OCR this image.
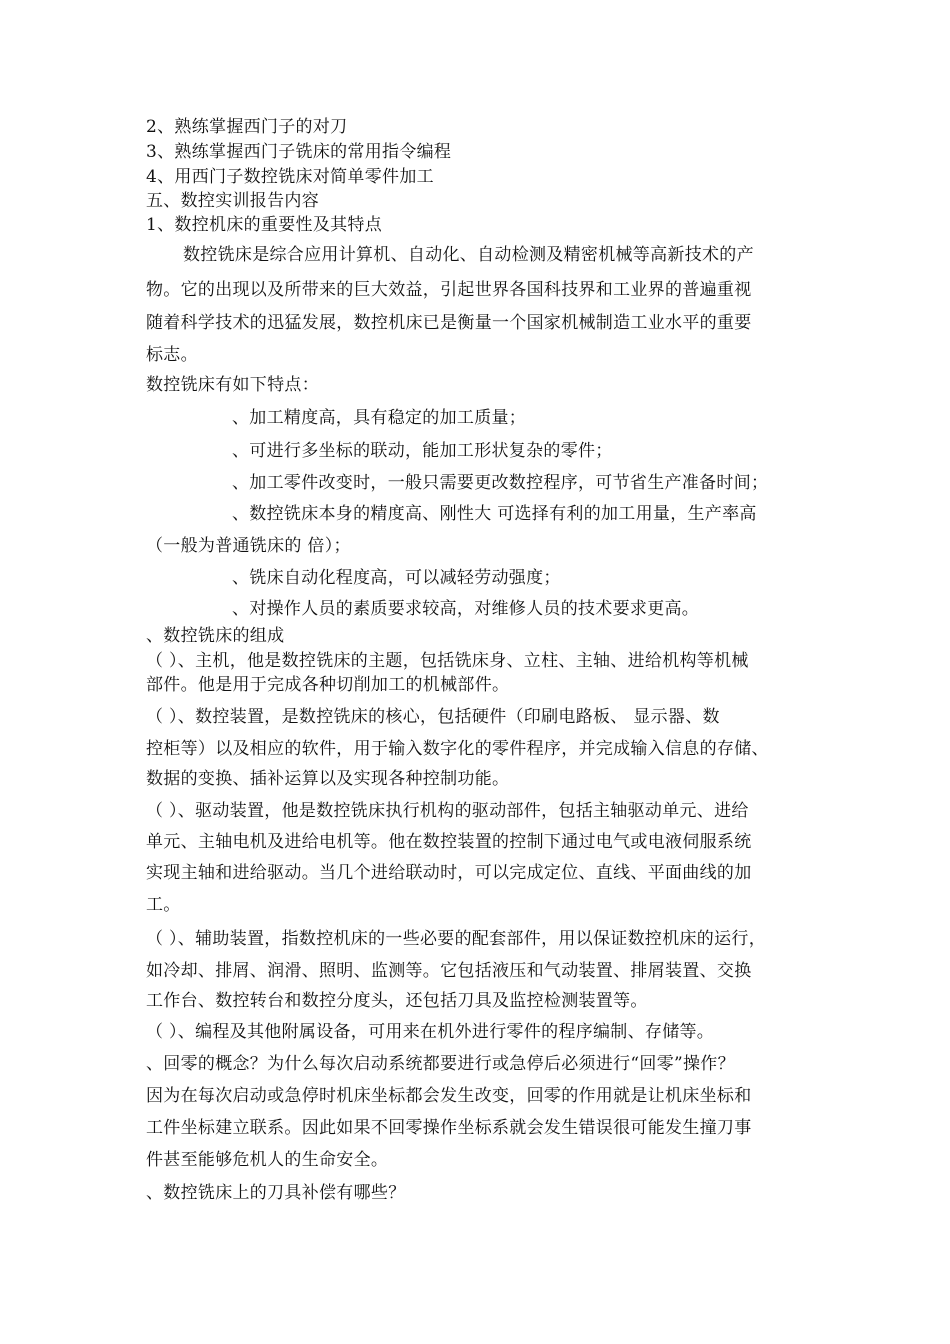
2、熟练掌握西门子的对刀
3、熟练掌握西门子铣床的常用指令编程
4、用西门子数控铣床对简单零件加工
五、数控实训报告内容
1、数控机床的重要性及其特点
数控铣床是综合应用计算机、自动化、自动检测及精密机械等高新技术的产
物。它的出现以及所带来的巨大效益，引起世界各国科技界和工业界的普遍重视
随着科学技术的迅猛发展，数控机床已是衡量一个国家机械制造工业水平的重要
标志。
数控铣床有如下特点：
、加工精度高，具有稳定的加工质量；
、可进行多坐标的联动，能加工形状复杂的零件；
、加工零件改变时，一般只需要更改数控程序，可节省生产准备时间；
、数控铣床本身的精度高、刚性大 可选择有利的加工用量，生产率高
（一般为普通铣床的 倍）；
、铣床自动化程度高，可以减轻劳动强度；
、对操作人员的素质要求较高，对维修人员的技术要求更高。
、数控铣床的组成
（ ）、主机，他是数控铣床的主题，包括铣床身、立柱、主轴、进给机构等机械
部件。他是用于完成各种切削加工的机械部件。
（ ）、数控装置，是数控铣床的核心，包括硬件（印刷电路板、 显示器、数
控柜等）以及相应的软件，用于输入数字化的零件程序，并完成输入信息的存储、
数据的变换、插补运算以及实现各种控制功能。
（ ）、驱动装置，他是数控铣床执行机构的驱动部件，包括主轴驱动单元、进给
单元、主轴电机及进给电机等。他在数控装置的控制下通过电气或电液伺服系统
实现主轴和进给驱动。当几个进给联动时，可以完成定位、直线、平面曲线的加
工。
（ ）、辅助装置，指数控机床的一些必要的配套部件，用以保证数控机床的运行，
如冷却、排屑、润滑、照明、监测等。它包括液压和气动装置、排屑装置、交换
工作台、数控转台和数控分度头，还包括刀具及监控检测装置等。
（ ）、编程及其他附属设备，可用来在机外进行零件的程序编制、存储等。
、回零的概念？为什么每次启动系统都要进行或急停后必须进行“回零”操作？
因为在每次启动或急停时机床坐标都会发生改变，回零的作用就是让机床坐标和
工件坐标建立联系。因此如果不回零操作坐标系就会发生错误很可能发生撞刀事
件甚至能够危机人的生命安全。
、数控铣床上的刀具补偿有哪些？
